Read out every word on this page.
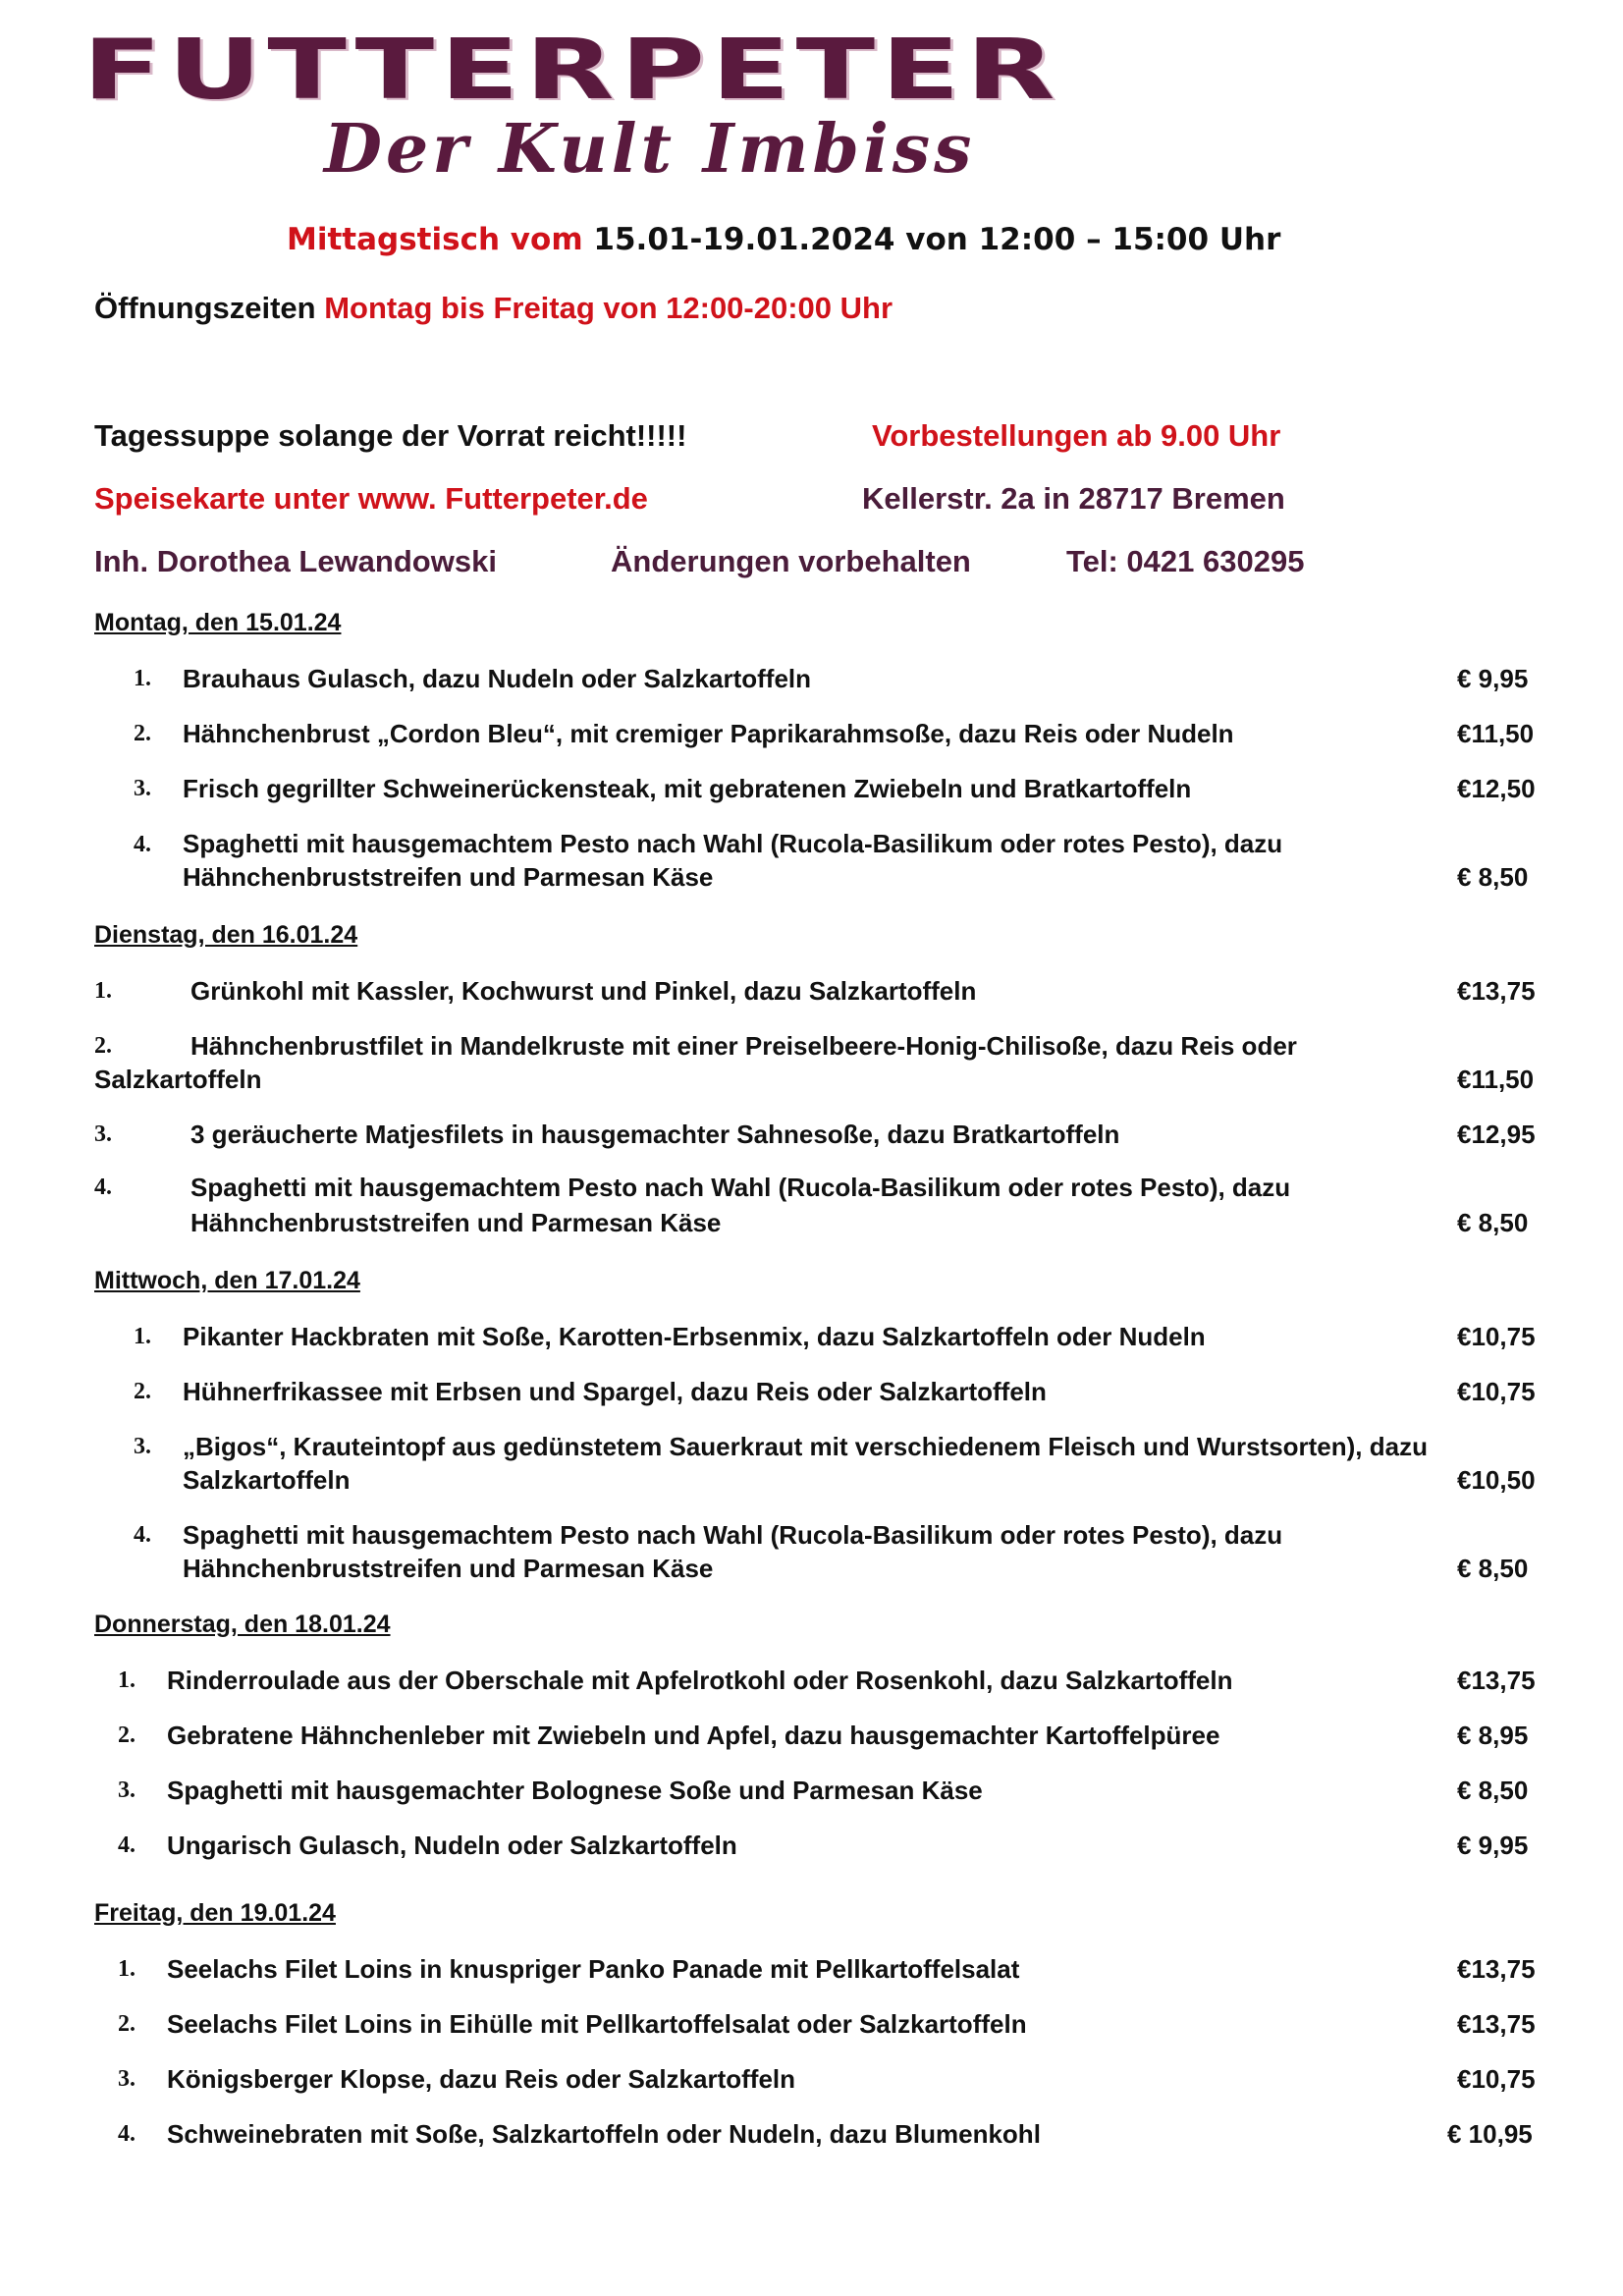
FUTTERPETER
Der Kult Imbiss
Mittagstisch vom 15.01-19.01.2024 von 12:00 – 15:00 Uhr
Öffnungszeiten Montag bis Freitag von 12:00-20:00 Uhr
Tagessuppe solange der Vorrat reicht!!!!!	Vorbestellungen ab 9.00 Uhr
Speisekarte unter www. Futterpeter.de	Kellerstr. 2a in 28717 Bremen
Inh. Dorothea Lewandowski	Änderungen vorbehalten	Tel: 0421 630295
Montag, den 15.01.24
1. Brauhaus Gulasch, dazu Nudeln oder Salzkartoffeln	€ 9,95
2. Hähnchenbrust „Cordon Bleu“, mit cremiger Paprikarahmsoße, dazu Reis oder Nudeln	€11,50
3. Frisch gegrillter Schweinerückensteak, mit gebratenen Zwiebeln und Bratkartoffeln	€12,50
4. Spaghetti mit hausgemachtem Pesto nach Wahl (Rucola-Basilikum oder rotes Pesto), dazu
Hähnchenbruststreifen und Parmesan Käse	€ 8,50
Dienstag, den 16.01.24
1.	Grünkohl mit Kassler, Kochwurst und Pinkel, dazu Salzkartoffeln	€13,75
2.	Hähnchenbrustfilet in Mandelkruste mit einer Preiselbeere-Honig-Chilisoße, dazu Reis oder
Salzkartoffeln	€11,50
3.	3 geräucherte Matjesfilets in hausgemachter Sahnesoße, dazu Bratkartoffeln	€12,95
4.	Spaghetti mit hausgemachtem Pesto nach Wahl (Rucola-Basilikum oder rotes Pesto), dazu
Hähnchenbruststreifen und Parmesan Käse	€ 8,50
Mittwoch, den 17.01.24
1. Pikanter Hackbraten mit Soße, Karotten-Erbsenmix, dazu Salzkartoffeln oder Nudeln	€10,75
2. Hühnerfrikassee mit Erbsen und Spargel, dazu Reis oder Salzkartoffeln	€10,75
3. „Bigos“, Krauteintopf aus gedünstetem Sauerkraut mit verschiedenem Fleisch und Wurstsorten), dazu
Salzkartoffeln	€10,50
4. Spaghetti mit hausgemachtem Pesto nach Wahl (Rucola-Basilikum oder rotes Pesto), dazu
Hähnchenbruststreifen und Parmesan Käse	€ 8,50
Donnerstag, den 18.01.24
1. Rinderroulade aus der Oberschale mit Apfelrotkohl oder Rosenkohl, dazu Salzkartoffeln	€13,75
2. Gebratene Hähnchenleber mit Zwiebeln und Apfel, dazu hausgemachter Kartoffelpüree	€ 8,95
3. Spaghetti mit hausgemachter Bolognese Soße und Parmesan Käse	€ 8,50
4. Ungarisch Gulasch, Nudeln oder Salzkartoffeln	€ 9,95
Freitag, den 19.01.24
1. Seelachs Filet Loins in knuspriger Panko Panade mit Pellkartoffelsalat	€13,75
2. Seelachs Filet Loins in Eihülle mit Pellkartoffelsalat oder Salzkartoffeln	€13,75
3. Königsberger Klopse, dazu Reis oder Salzkartoffeln	€10,75
4. Schweinebraten mit Soße, Salzkartoffeln oder Nudeln, dazu Blumenkohl	€ 10,95
